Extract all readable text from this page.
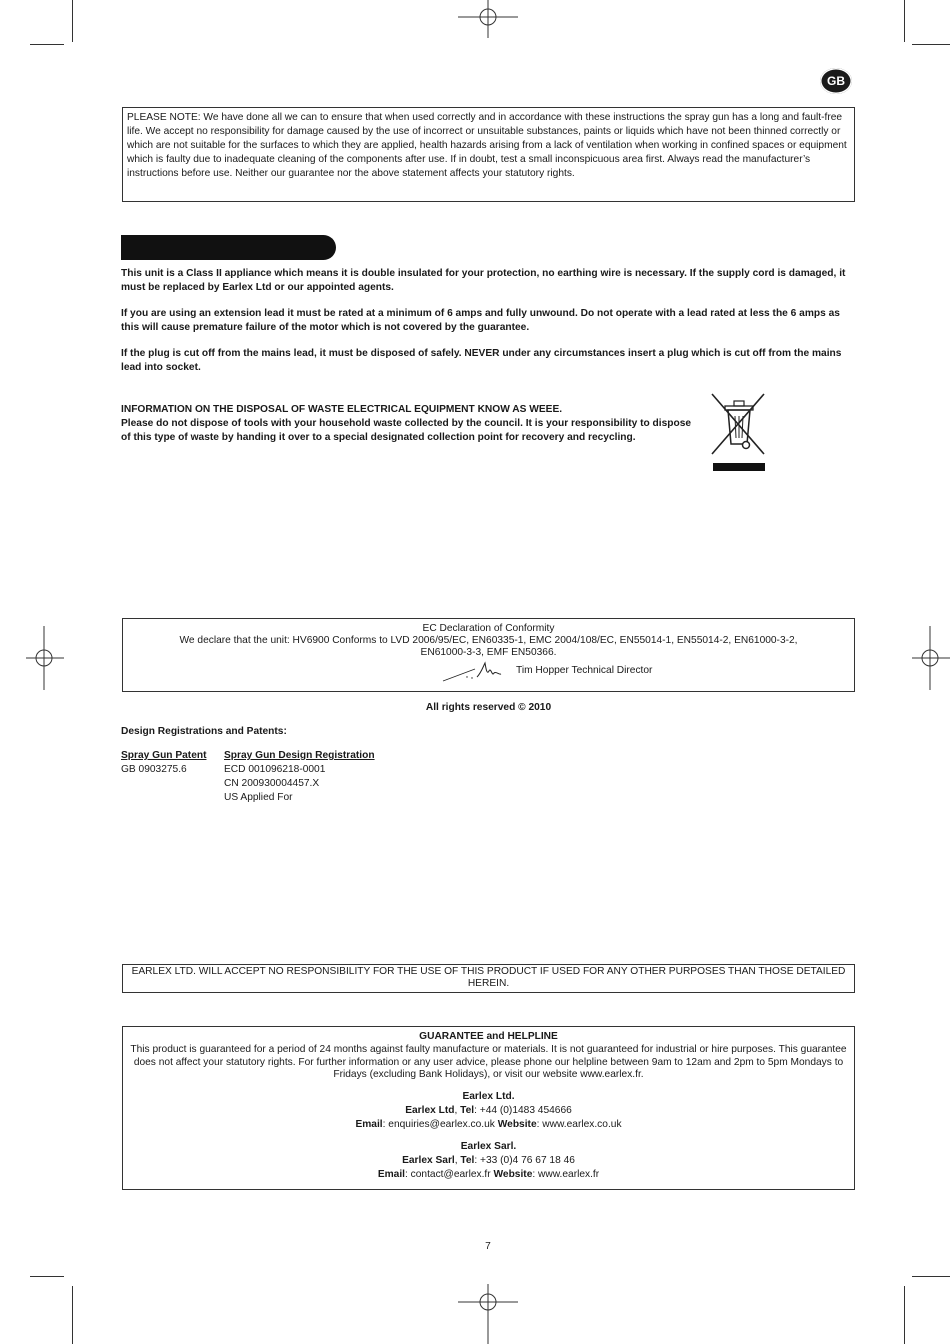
GB
PLEASE NOTE: We have done all we can to ensure that when used correctly and in accordance with these instructions the spray gun has a long and fault-free life. We accept no responsibility for damage caused by the use of incorrect or unsuitable substances, paints or liquids which have not been thinned correctly or which are not suitable for the surfaces to which they are applied, health hazards arising from a lack of ventilation when working in confined spaces or equipment which is faulty due to inadequate cleaning of the components after use. If in doubt, test a small inconspicuous area first. Always read the manufacturer’s instructions before use. Neither our guarantee nor the above statement affects your statutory rights.
This unit is a Class II appliance which means it is double insulated for your protection, no earthing wire is necessary. If the supply cord is damaged, it must be replaced by Earlex Ltd or our appointed agents.
If you are using an extension lead it must be rated at a minimum of 6 amps and fully unwound. Do not operate with a lead rated at less the 6 amps as this will cause premature failure of the motor which is not covered by the guarantee.
If the plug is cut off from the mains lead, it must be disposed of safely. NEVER under any circumstances insert a plug which is cut off from the mains lead into socket.
INFORMATION ON THE DISPOSAL OF WASTE ELECTRICAL EQUIPMENT KNOW AS WEEE.
Please do not dispose of tools with your household waste collected by the council. It is your responsibility to dispose of this type of waste by handing it over to a special designated collection point for recovery and recycling.
EC Declaration of Conformity
We declare that the unit: HV6900 Conforms to LVD 2006/95/EC, EN60335-1, EMC 2004/108/EC, EN55014-1, EN55014-2, EN61000-3-2,
EN61000-3-3, EMF EN50366.
Tim Hopper Technical Director
All rights reserved © 2010
Design Registrations and Patents:
Spray Gun Patent
GB 0903275.6
Spray Gun Design Registration
ECD 001096218-0001
CN 200930004457.X
US Applied For
EARLEX LTD. WILL ACCEPT NO RESPONSIBILITY FOR THE USE OF THIS PRODUCT IF USED FOR ANY OTHER PURPOSES THAN THOSE DETAILED HEREIN.
GUARANTEE and HELPLINE
This product is guaranteed for a period of 24 months against faulty manufacture or materials. It is not guaranteed for industrial or hire purposes. This guarantee does not affect your statutory rights. For further information or any user advice, please phone our helpline between 9am to 12am and 2pm to 5pm Mondays to Fridays (excluding Bank Holidays), or visit our website www.earlex.fr.
Earlex Ltd.
Earlex Ltd, Tel: +44 (0)1483 454666
Email: enquiries@earlex.co.uk Website: www.earlex.co.uk
Earlex Sarl.
Earlex Sarl, Tel: +33 (0)4 76 67 18 46
Email: contact@earlex.fr Website: www.earlex.fr
7
